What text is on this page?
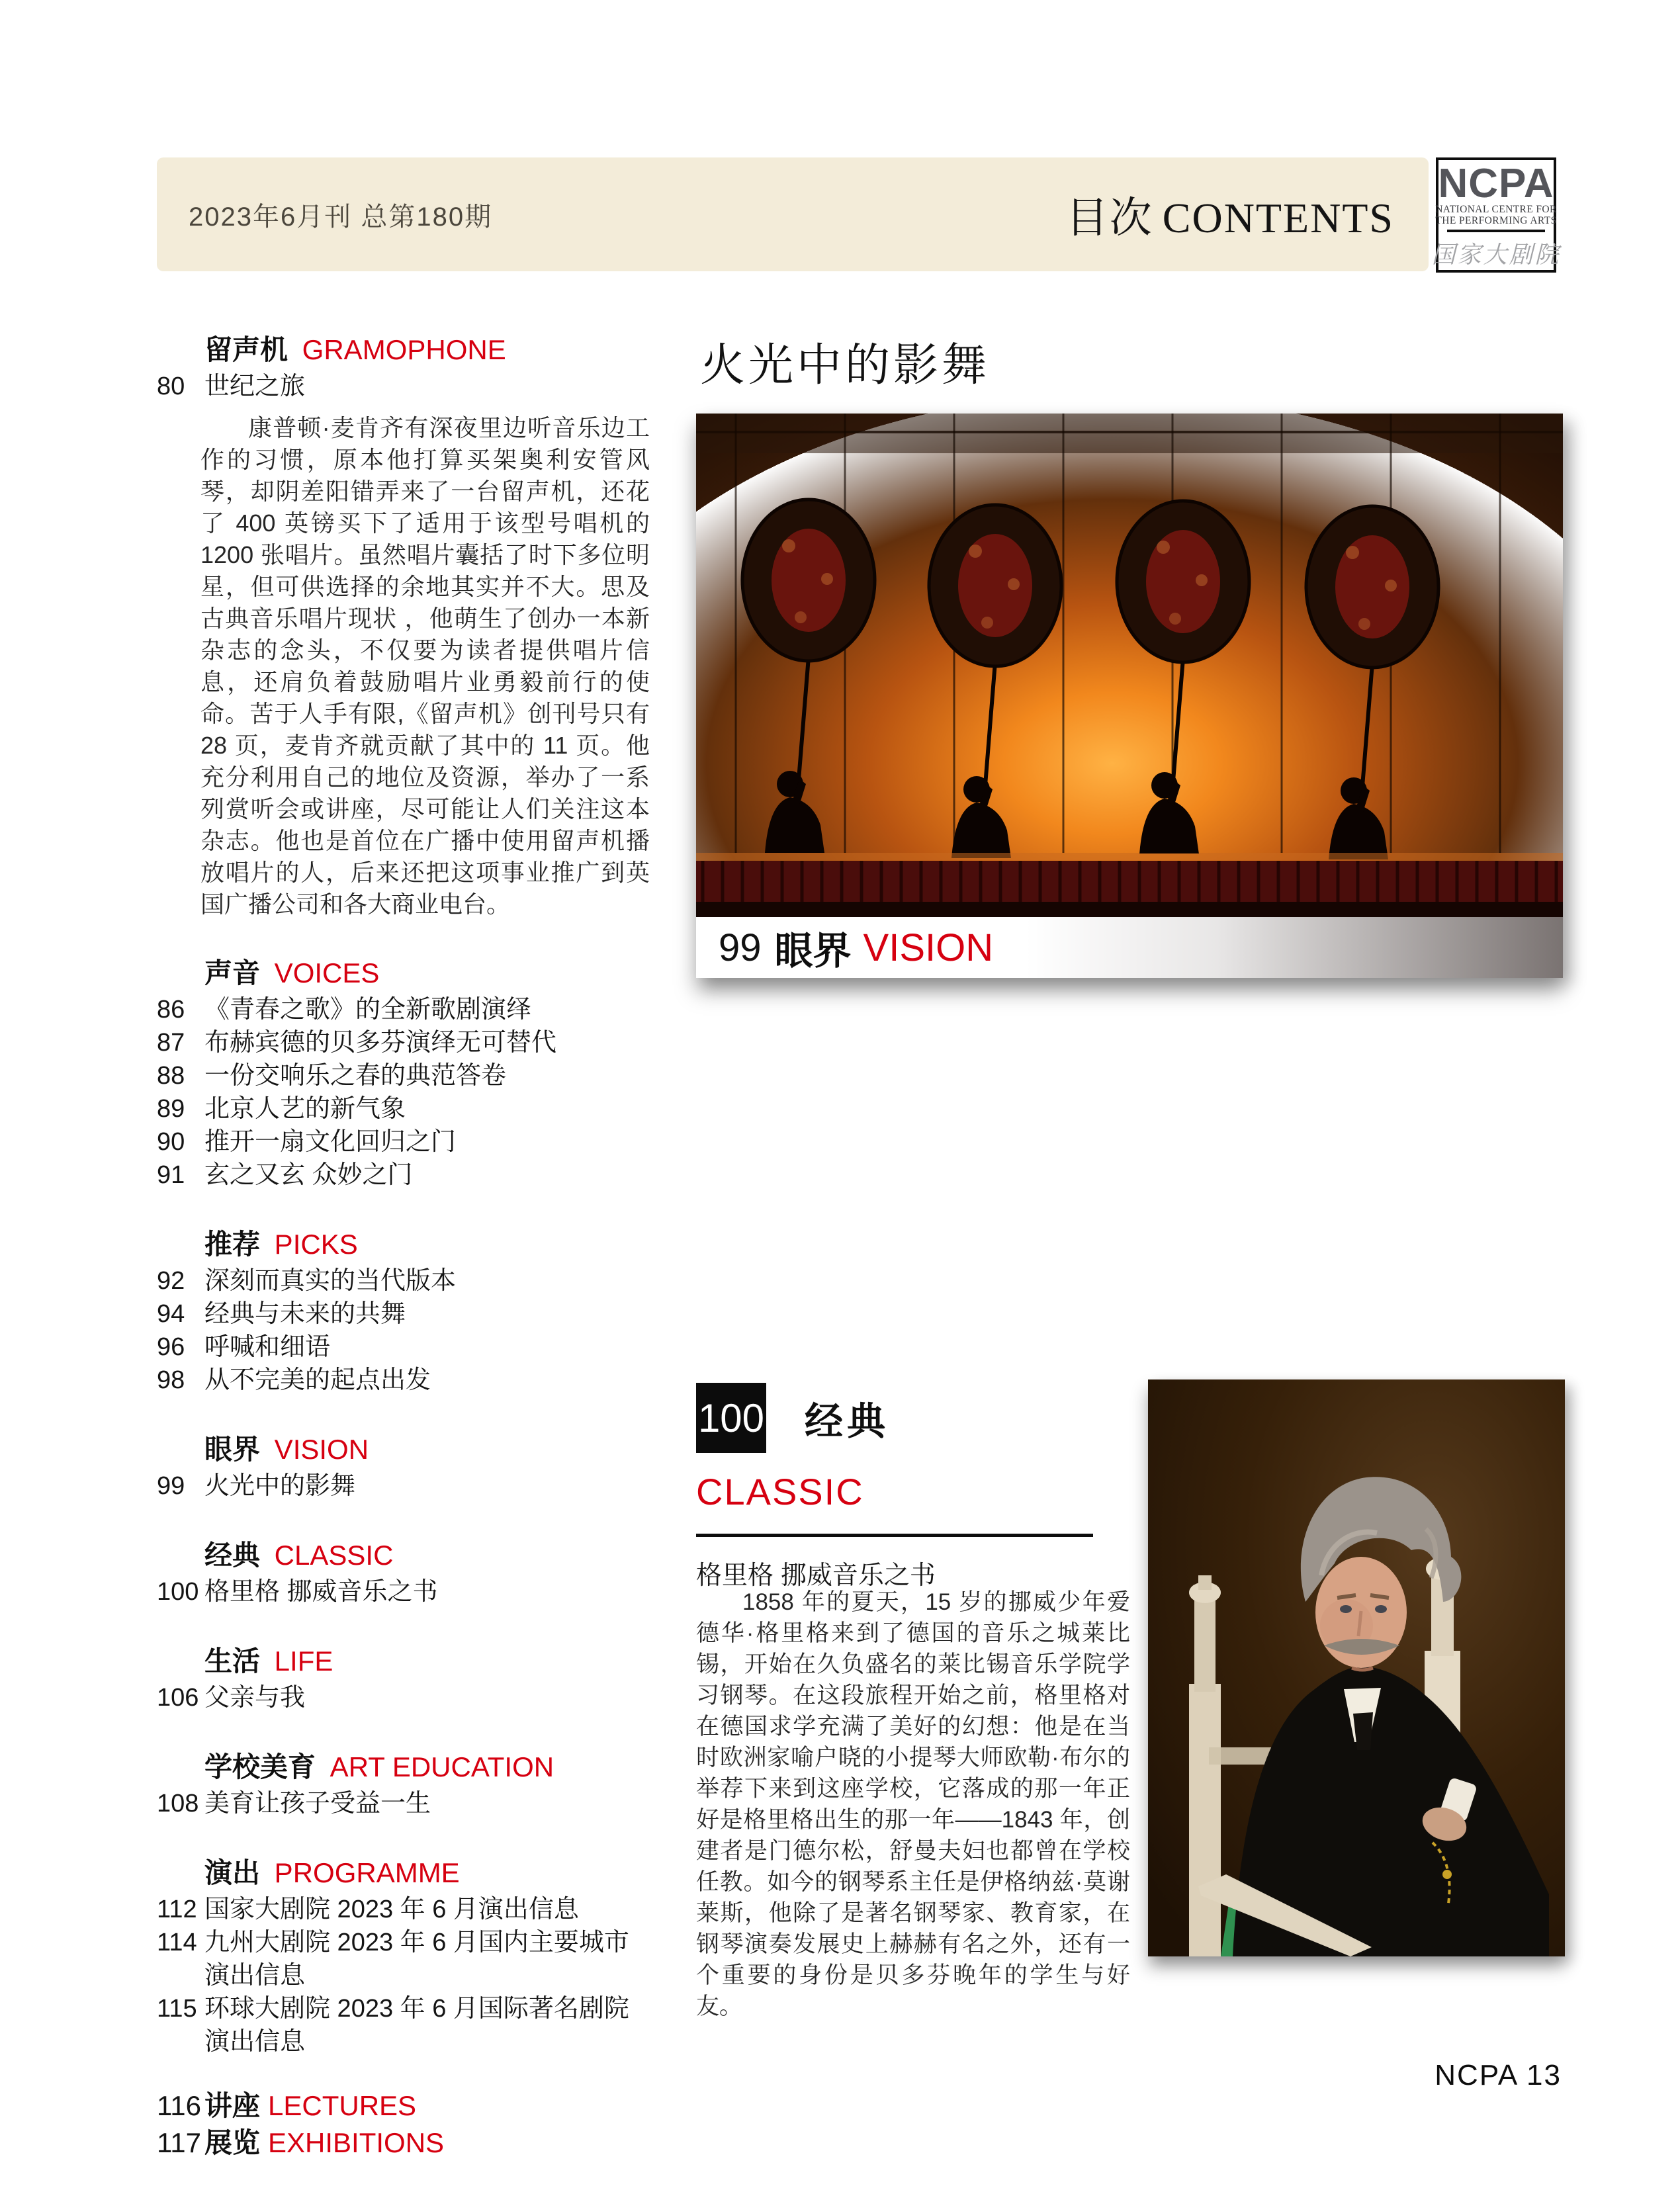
2023年6月刊 总第180期	目次 CONTENTS
NCPA
NATIONAL CENTRE FOR
THE PERFORMING ARTS
国家大剧院
留声机 GRAMOPHONE
80 世纪之旅

康普顿·麦肯齐有深夜里边听音乐边工作的习惯，原本他打算买架奥利安管风琴，却阴差阳错弄来了一台留声机，还花了 400 英镑买下了适用于该型号唱机的 1200 张唱片。虽然唱片囊括了时下多位明星，但可供选择的余地其实并不大。思及古典音乐唱片现状 ，他萌生了创办一本新杂志的念头，不仅要为读者提供唱片信息，还肩负着鼓励唱片业勇毅前行的使命。苦于人手有限,《留声机》创刊号只有 28 页，麦肯齐就贡献了其中的 11 页。他充分利用自己的地位及资源，举办了一系列赏听会或讲座，尽可能让人们关注这本杂志。他也是首位在广播中使用留声机播放唱片的人，后来还把这项事业推广到英国广播公司和各大商业电台。

声音 VOICES
86 《青春之歌》的全新歌剧演绎
87 布赫宾德的贝多芬演绎无可替代
88 一份交响乐之春的典范答卷
89 北京人艺的新气象
90 推开一扇文化回归之门
91 玄之又玄 众妙之门
推荐 PICKS
92 深刻而真实的当代版本
94 经典与未来的共舞
96 呼喊和细语
98 从不完美的起点出发
眼界 VISION
99 火光中的影舞
经典 CLASSIC
100 格里格 挪威音乐之书
生活 LIFE
106 父亲与我
学校美育 ART EDUCATION
108 美育让孩子受益一生
演出 PROGRAMME
112 国家大剧院 2023 年 6 月演出信息
114 九州大剧院 2023 年 6 月国内主要城市演出信息
115 环球大剧院 2023 年 6 月国际著名剧院演出信息
116 讲座 LECTURES
117 展览 EXHIBITIONS
火光中的影舞
99 眼界 VISION
100 经典
CLASSIC
格里格 挪威音乐之书
1858 年的夏天，15 岁的挪威少年爱德华·格里格来到了德国的音乐之城莱比锡，开始在久负盛名的莱比锡音乐学院学习钢琴。在这段旅程开始之前，格里格对在德国求学充满了美好的幻想：他是在当时欧洲家喻户晓的小提琴大师欧勒·布尔的举荐下来到这座学校，它落成的那一年正好是格里格出生的那一年——1843 年，创建者是门德尔松，舒曼夫妇也都曾在学校任教。如今的钢琴系主任是伊格纳兹·莫谢莱斯，他除了是著名钢琴家、教育家，在钢琴演奏发展史上赫赫有名之外，还有一个重要的身份是贝多芬晚年的学生与好友。
NCPA 13
